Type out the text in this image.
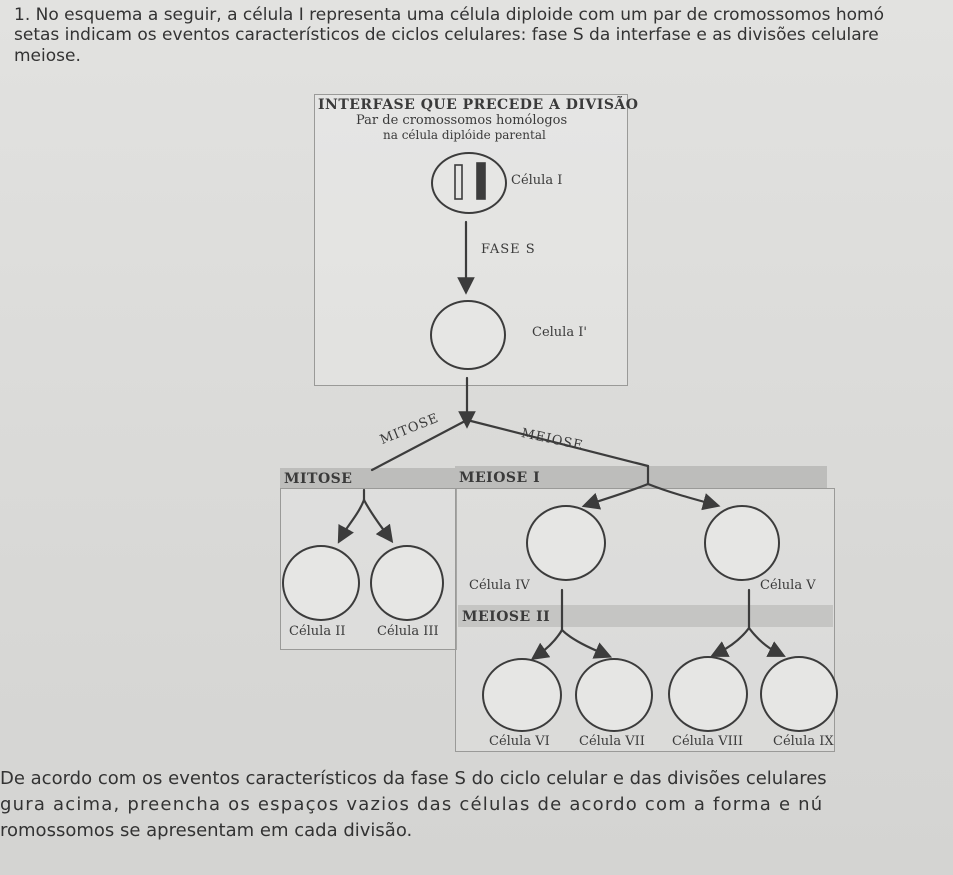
1. No esquema a seguir, a célula I representa uma célula diploide com um par de cromossomos homó
setas indicam os eventos característicos de ciclos celulares: fase S da interfase e as divisões celulare
meiose.
INTERFASE QUE PRECEDE A DIVISÃO
Par de cromossomos homólogos
na célula diplóide parental
Célula I
FASE S
Celula I'
MITOSE	MEIOSE
MITOSE	MEIOSE I
MEIOSE II
Célula II Célula III
Célula IV	Célula V
Célula VI Célula VII Célula VIII Célula IX
De acordo com os eventos característicos da fase S do ciclo celular e das divisões celulares
gura acima, preencha os espaços vazios das células de acordo com a forma e nú
romossomos se apresentam em cada divisão.
